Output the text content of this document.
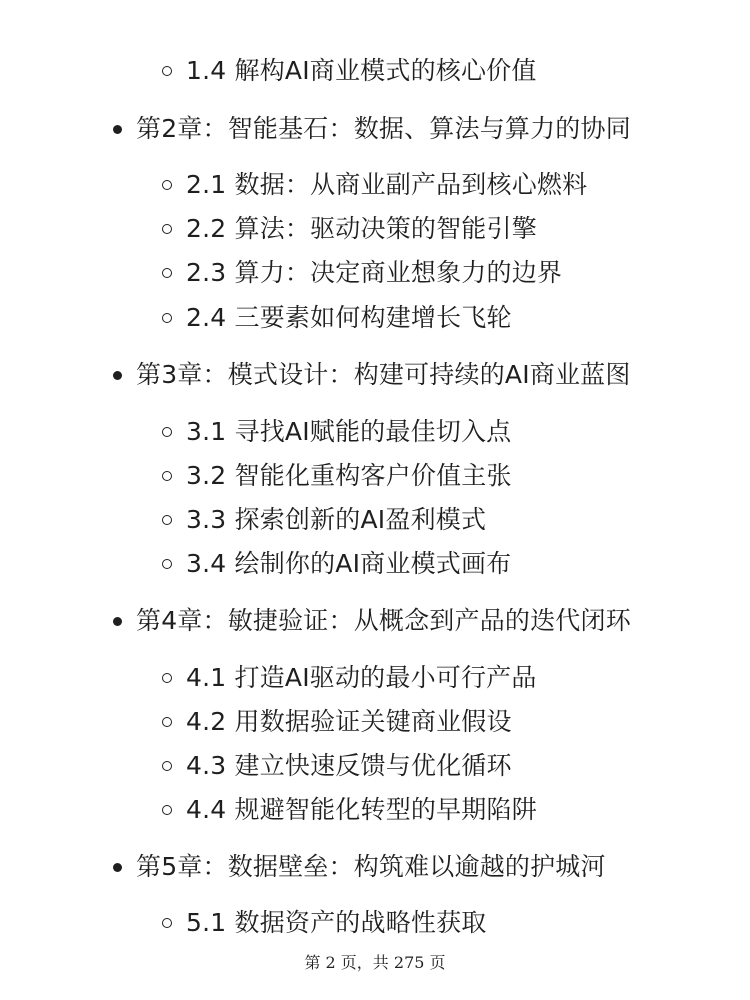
1.4 解构AI商业模式的核心价值
第2章：智能基石：数据、算法与算力的协同
2.1 数据：从商业副产品到核心燃料
2.2 算法：驱动决策的智能引擎
2.3 算力：决定商业想象力的边界
2.4 三要素如何构建增长飞轮
第3章：模式设计：构建可持续的AI商业蓝图
3.1 寻找AI赋能的最佳切入点
3.2 智能化重构客户价值主张
3.3 探索创新的AI盈利模式
3.4 绘制你的AI商业模式画布
第4章：敏捷验证：从概念到产品的迭代闭环
4.1 打造AI驱动的最小可行产品
4.2 用数据验证关键商业假设
4.3 建立快速反馈与优化循环
4.4 规避智能化转型的早期陷阱
第5章：数据壁垒：构筑难以逾越的护城河
5.1 数据资产的战略性获取
第 2 页，共 275 页
